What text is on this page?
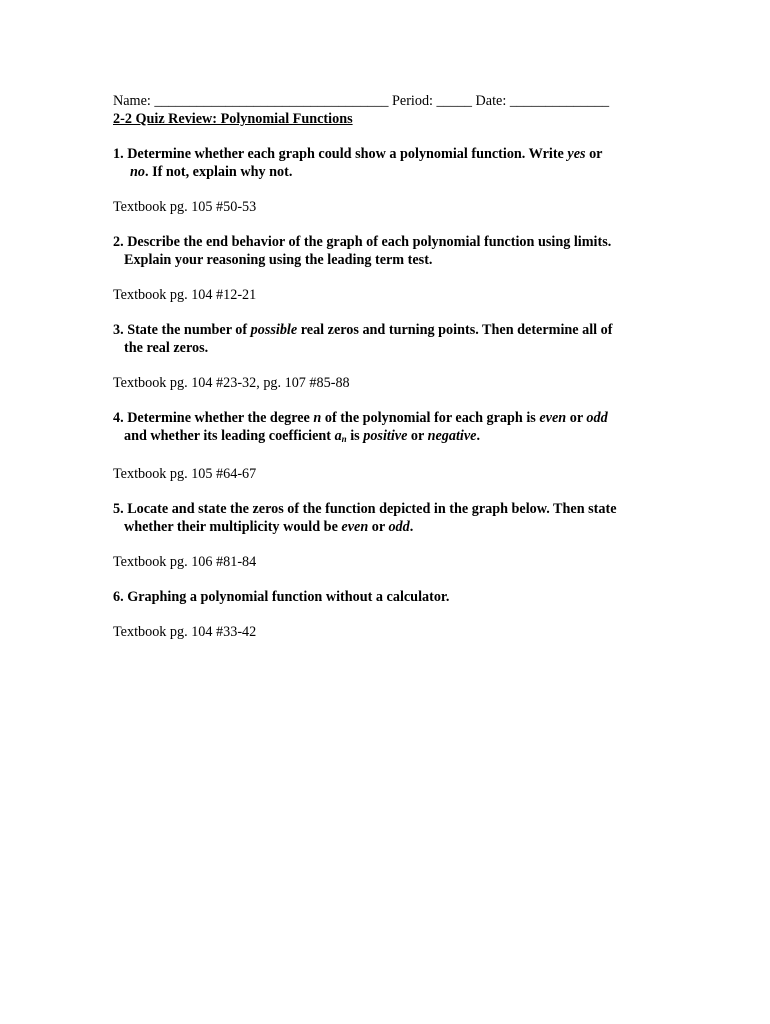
Name: _________________________________ Period: _____ Date: ______________
2-2 Quiz Review: Polynomial Functions
1. Determine whether each graph could show a polynomial function. Write yes or
no. If not, explain why not.
Textbook pg. 105 #50-53
2. Describe the end behavior of the graph of each polynomial function using limits.
Explain your reasoning using the leading term test.
Textbook pg. 104 #12-21
3. State the number of possible real zeros and turning points. Then determine all of
the real zeros.
Textbook pg. 104 #23-32, pg. 107 #85-88
4. Determine whether the degree n of the polynomial for each graph is even or odd
and whether its leading coefficient $a_n$ is positive or negative.
Textbook pg. 105 #64-67
5. Locate and state the zeros of the function depicted in the graph below. Then state
whether their multiplicity would be even or odd.
Textbook pg. 106 #81-84
6. Graphing a polynomial function without a calculator.
Textbook pg. 104 #33-42
